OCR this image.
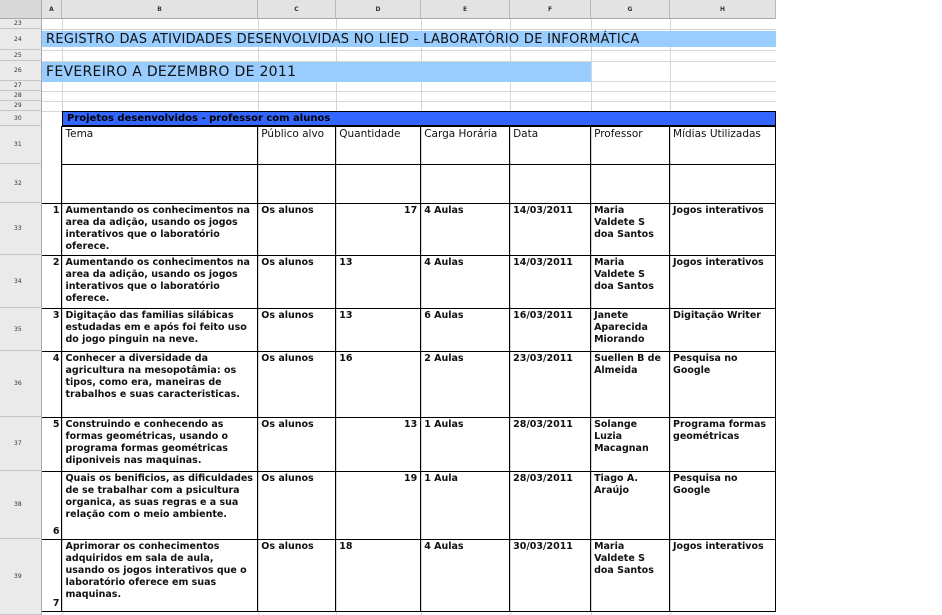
A	B	C	D	E	F	G	H
23
24
25
26
27
28
29
30
31
32
33
34
35
36
37
38
39
REGISTRO DAS ATIVIDADES DESENVOLVIDAS NO LIED - LABORATÓRIO DE INFORMÁTICA
FEVEREIRO A DEZEMBRO DE 2011
Projetos desenvolvidos - professor com alunos
	Tema	Público alvo	Quantidade	Carga Horária	Data	Professor	Mídias Utilizadas

1	Aumentando os conhecimentos na area da adição, usando os jogos interativos que o laboratório oferece.	Os alunos	17	4 Aulas	14/03/2011	Maria Valdete S doa Santos	Jogos interativos
2	Aumentando os conhecimentos na area da adição, usando os jogos interativos que o laboratório oferece.	Os alunos	13	4 Aulas	14/03/2011	Maria Valdete S doa Santos	Jogos interativos
3	Digitação das familias silábicas estudadas em e após foi feito uso do jogo pinguin na neve.	Os alunos	13	6 Aulas	16/03/2011	Janete Aparecida Miorando	Digitação Writer
4	Conhecer a diversidade da agricultura na mesopotâmia: os tipos, como era, maneiras de trabalhos e suas caracteristicas.	Os alunos	16	2 Aulas	23/03/2011	Suellen B de Almeida	Pesquisa no Google
5	Construindo e conhecendo as formas geométricas, usando o programa formas geométricas diponiveis nas maquinas.	Os alunos	13	1 Aulas	28/03/2011	Solange Luzia Macagnan	Programa formas geométricas
6	Quais os benificios, as dificuldades de se trabalhar com a psicultura organica, as suas regras e a sua relação com o meio ambiente.	Os alunos	19	1 Aula	28/03/2011	Tiago A. Araújo	Pesquisa no Google
7	Aprimorar os conhecimentos adquiridos em sala de aula, usando os jogos interativos que o laboratório oferece em suas maquinas.	Os alunos	18	4 Aulas	30/03/2011	Maria Valdete S doa Santos	Jogos interativos
